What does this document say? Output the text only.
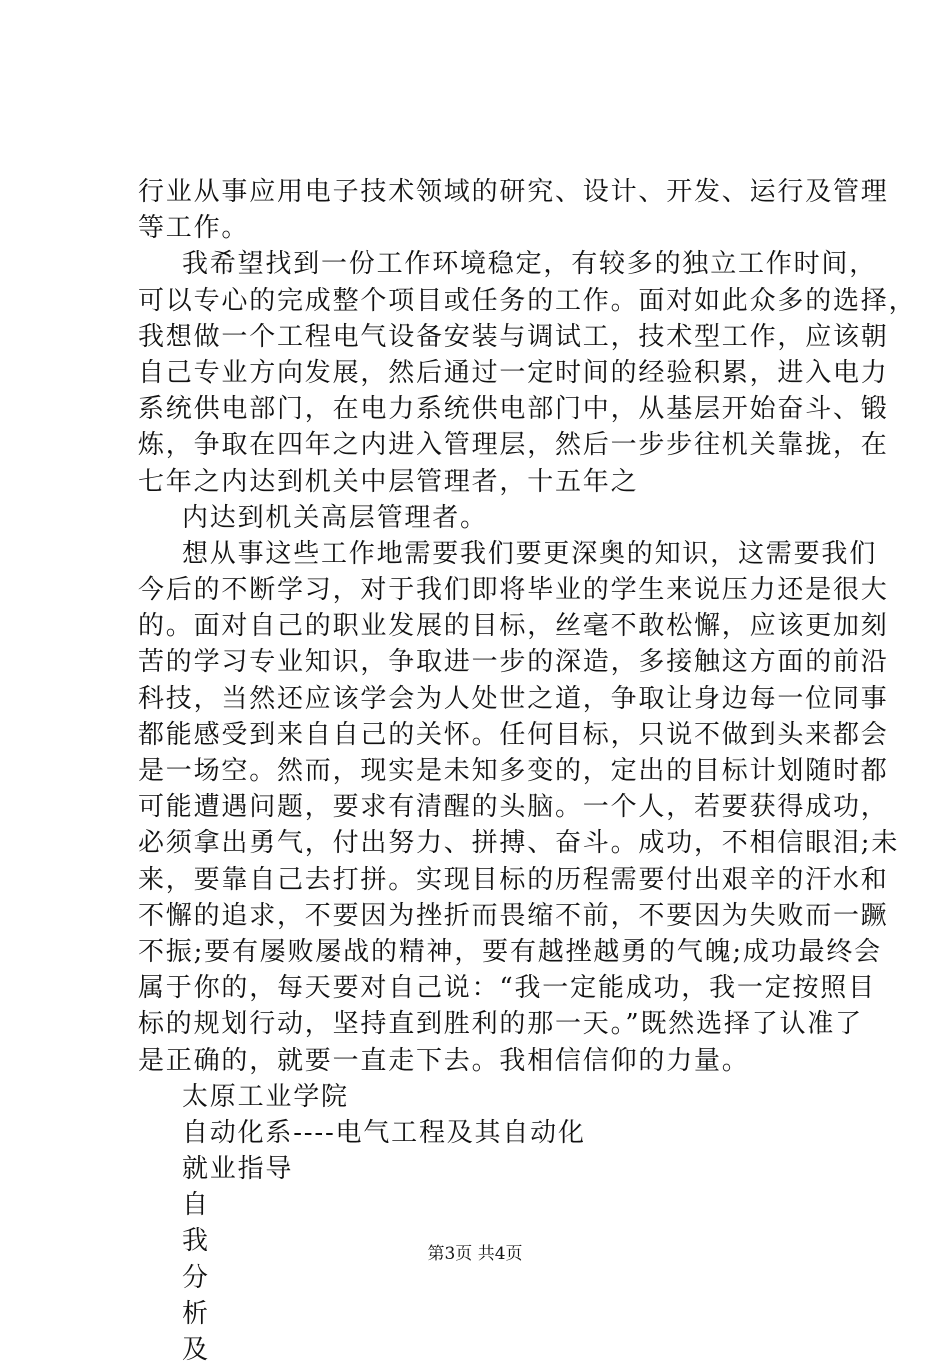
行业从事应用电子技术领域的研究、设计、开发、运行及管理
等工作。
我希望找到一份工作环境稳定，有较多的独立工作时间，
可以专心的完成整个项目或任务的工作。面对如此众多的选择，
我想做一个工程电气设备安装与调试工，技术型工作，应该朝
自己专业方向发展，然后通过一定时间的经验积累，进入电力
系统供电部门，在电力系统供电部门中，从基层开始奋斗、锻
炼，争取在四年之内进入管理层，然后一步步往机关靠拢，在
七年之内达到机关中层管理者，十五年之
内达到机关高层管理者。
想从事这些工作地需要我们要更深奥的知识，这需要我们
今后的不断学习，对于我们即将毕业的学生来说压力还是很大
的。面对自己的职业发展的目标，丝毫不敢松懈，应该更加刻
苦的学习专业知识，争取进一步的深造，多接触这方面的前沿
科技，当然还应该学会为人处世之道，争取让身边每一位同事
都能感受到来自自己的关怀。任何目标，只说不做到头来都会
是一场空。然而，现实是未知多变的，定出的目标计划随时都
可能遭遇问题，要求有清醒的头脑。一个人，若要获得成功，
必须拿出勇气，付出努力、拼搏、奋斗。成功，不相信眼泪;未
来，要靠自己去打拼。实现目标的历程需要付出艰辛的汗水和
不懈的追求，不要因为挫折而畏缩不前，不要因为失败而一蹶
不振;要有屡败屡战的精神，要有越挫越勇的气魄;成功最终会
属于你的，每天要对自己说：“我一定能成功，我一定按照目
标的规划行动，坚持直到胜利的那一天。”既然选择了认准了
是正确的，就要一直走下去。我相信信仰的力量。
太原工业学院
自动化系----电气工程及其自动化
就业指导
自
我
分
析
及
第3页 共4页
